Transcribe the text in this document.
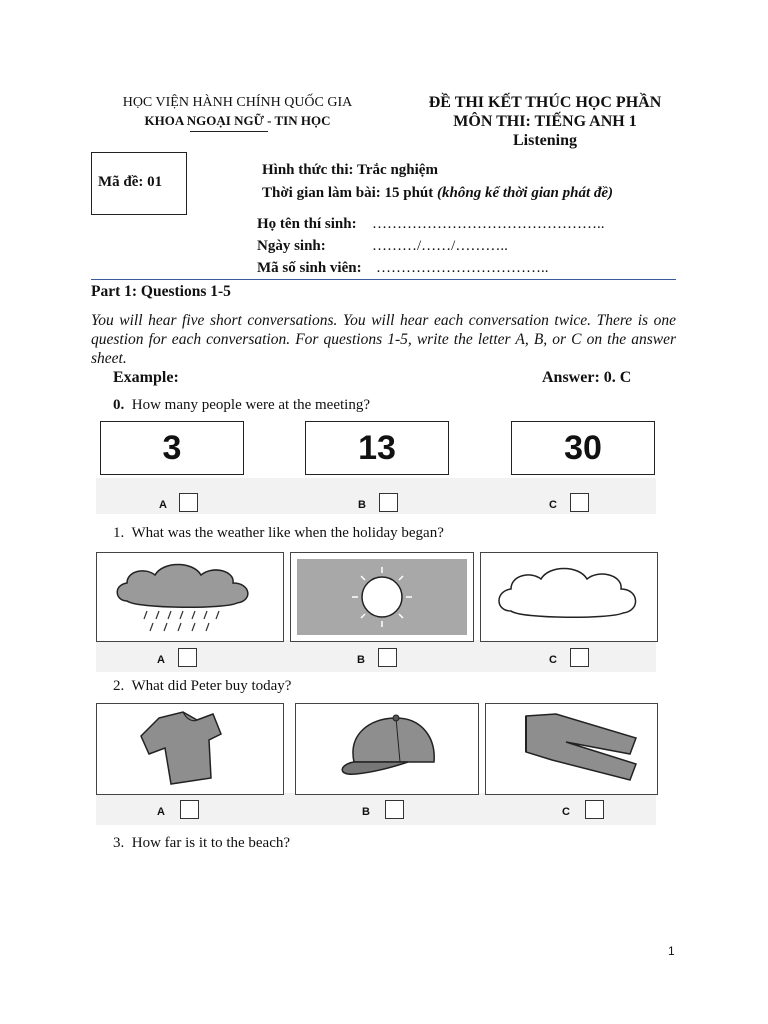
HỌC VIỆN HÀNH CHÍNH QUỐC GIA
KHOA NGOẠI NGỮ - TIN HỌC
ĐỀ THI KẾT THÚC HỌC PHẦN
MÔN THI: TIẾNG ANH 1
Listening
Mã đề: 01
Hình thức thi: Trắc nghiệm
Thời gian làm bài: 15 phút (không kể thời gian phát đề)
Họ tên thí sinh: ………………………………………..
Ngày sinh:	………/……/………..
Mã số sinh viên: ……………………………..
Part 1: Questions 1-5
You will hear five short conversations. You will hear each conversation twice. There is one question for each conversation. For questions 1-5, write the letter A, B, or C on the answer sheet.
Example:	Answer: 0. C
0. How many people were at the meeting?
3	13	30
A	B	C
1. What was the weather like when the holiday began?
A	B	C
2. What did Peter buy today?
A	B	C
3. How far is it to the beach?
1
